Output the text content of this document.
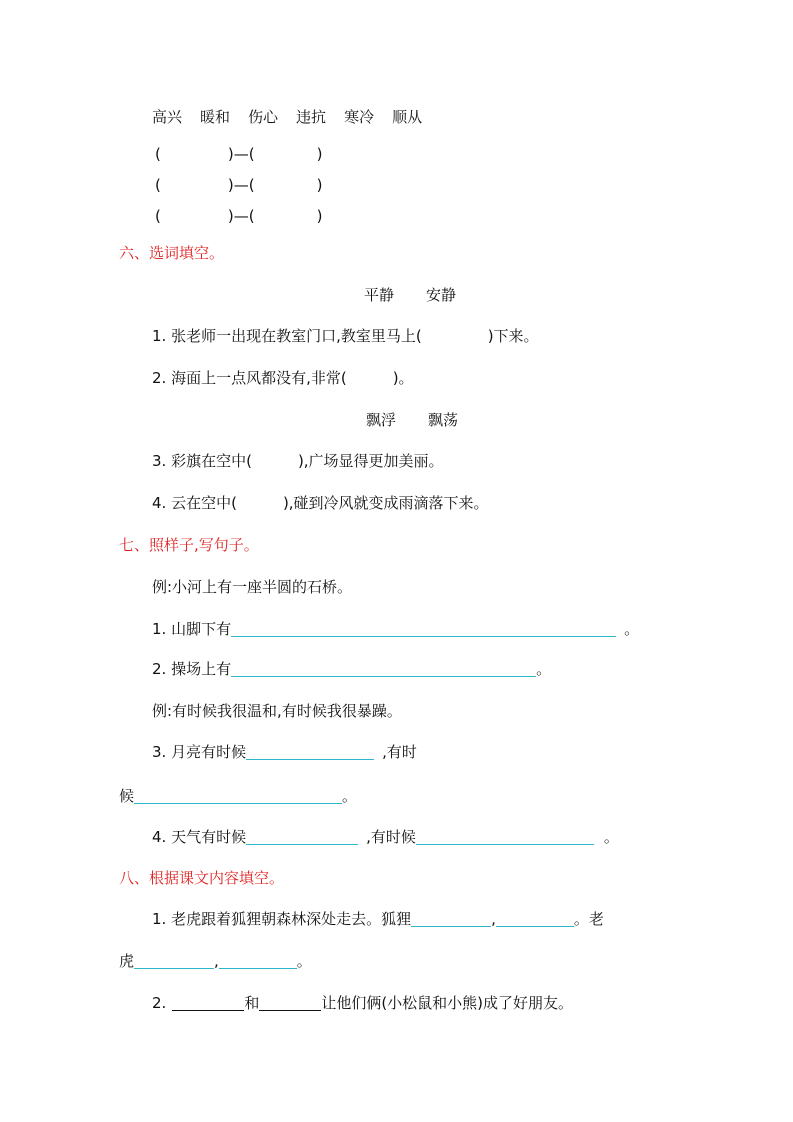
高兴 暖和 伤心 违抗 寒冷 顺从
(	)—(	)
(	)—(	)
(	)—(	)
六、选词填空。
平静 安静
1. 张老师一出现在教室门口,教室里马上(	)下来。
2. 海面上一点风都没有,非常(	)。
飘浮 飘荡
3. 彩旗在空中(	),广场显得更加美丽。
4. 云在空中(	),碰到冷风就变成雨滴落下来。
七、照样子,写句子。
例:小河上有一座半圆的石桥。
1. 山脚下有	。
2. 操场上有	。
例:有时候我很温和,有时候我很暴躁。
3. 月亮有时候	,有时
候	。
4. 天气有时候	,有时候	。
八、根据课文内容填空。
1. 老虎跟着狐狸朝森林深处走去。狐狸	,	。老
虎	,	。
2.	和	让他们俩(小松鼠和小熊)成了好朋友。
